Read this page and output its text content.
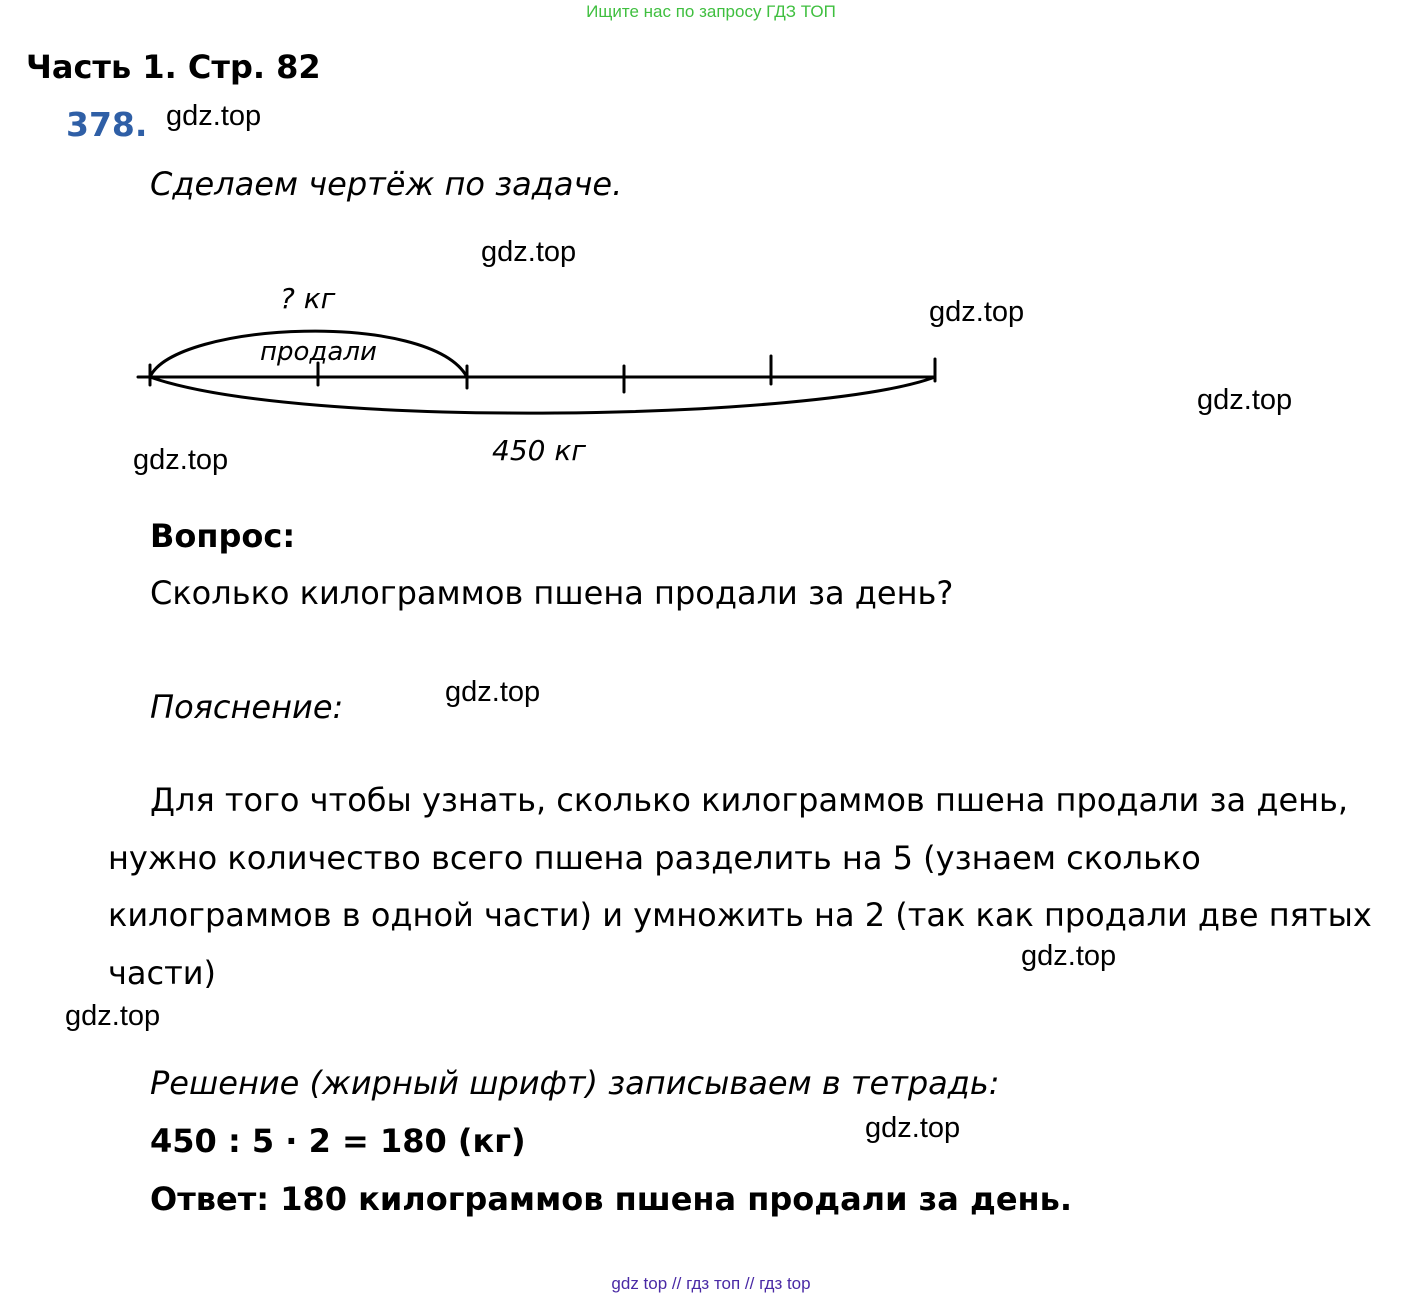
Ищите нас по запросу ГДЗ ТОП
Часть 1. Стр. 82
378. gdz.top
Сделаем чертёж по задаче.
gdz.top
gdz.top
gdz.top
gdz.top
? кг
продали
450 кг
Вопрос:
Сколько килограммов пшена продали за день?
Пояснение:	gdz.top
Для того чтобы узнать, сколько килограммов пшена продали за день, нужно количество всего пшена разделить на 5 (узнаем сколько килограммов в одной части) и умножить на 2 (так как продали две пятых части)	gdz.top
gdz.top
Решение (жирный шрифт) записываем в тетрадь:
450 : 5 · 2 = 180 (кг)	gdz.top
Ответ: 180 килограммов пшена продали за день.
gdz top // гдз топ // гдз top
